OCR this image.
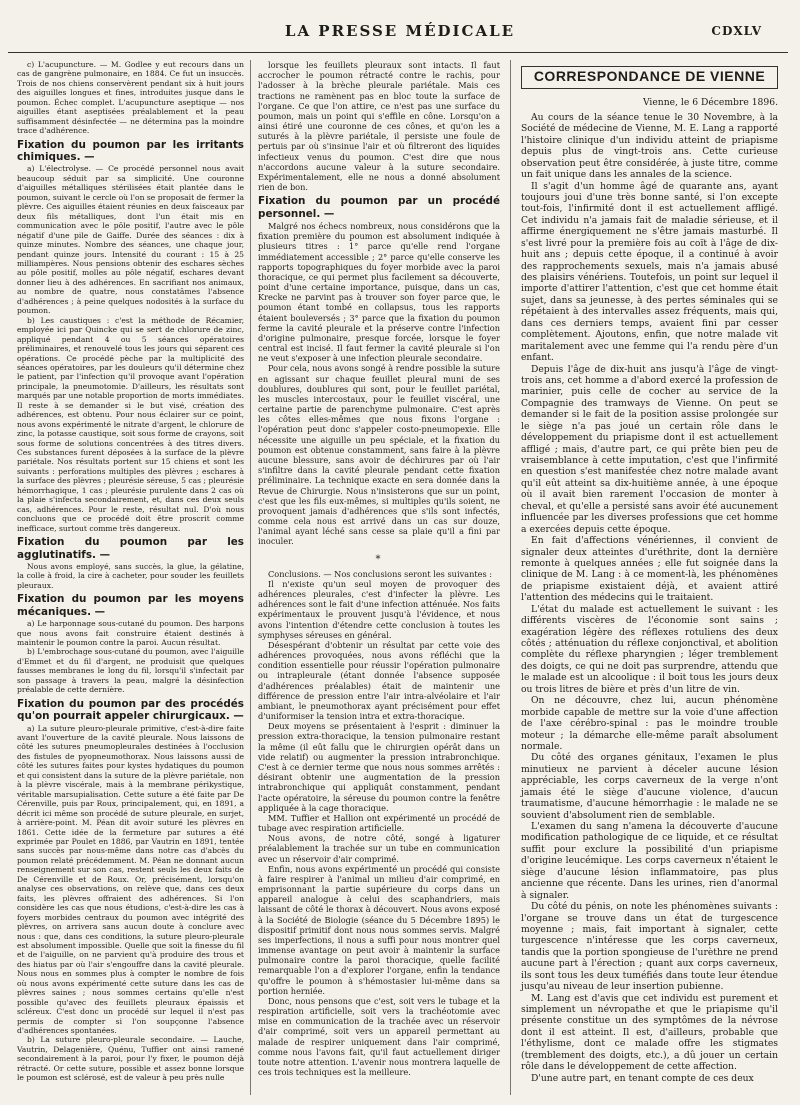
LA PRESSE MÉDICALE	CDXLV

c) L'acupuncture. — M. Godlee y eut recours dans un cas de gangrène pulmonaire, en 1884. Ce fut un insuccès. Trois de nos chiens conservèrent pendant six à huit jours des aiguilles longues et fines, introduites jusque dans le poumon. Échec complet. L'acupuncture aseptique — nos aiguilles étant aseptisées préalablement et la peau suffisamment désinfectée — ne détermina pas la moindre trace d'adhérence.

Fixation du poumon par les irritants chimiques. —

a) L'électrolyse. — Ce procédé personnel nous avait beaucoup séduit par sa simplicité. Une couronne d'aiguilles métalliques stérilisées était plantée dans le poumon, suivant le cercle où l'on se proposait de fermer la plèvre. Ces aiguilles étaient réunies en deux faisceaux par deux fils métalliques, dont l'un était mis en communication avec le pôle positif, l'autre avec le pôle négatif d'une pile de Gaiffe. Durée des séances : dix à quinze minutes. Nombre des séances, une chaque jour, pendant quinze jours. Intensité du courant : 15 à 25 milliampères. Nous pensions obtenir des eschares sèches au pôle positif, molles au pôle négatif, eschares devant donner lieu à des adhérences. En sacrifiant nos animaux, au nombre de quatre, nous constatâmes l'absence d'adhérences ; à peine quelques nodosités à la surface du poumon.

b) Les caustiques : c'est la méthode de Récamier, employée ici par Quincke qui se sert de chlorure de zinc, appliqué pendant 4 ou 5 séances opératoires préliminaires, et renouvelé tous les jours qui séparent ces opérations. Ce procédé pèche par la multiplicité des séances opératoires, par les douleurs qu'il détermine chez le patient, par l'infection qu'il provoque avant l'opération principale, la pneumotomie. D'ailleurs, les résultats sont marqués par une notable proportion de morts immédiates. Il reste à se demander si le but visé, création des adhérences, est obtenu. Pour nous éclairer sur ce point, nous avons expérimenté le nitrate d'argent, le chlorure de zinc, la potasse caustique, soit sous forme de crayons, soit sous forme de solutions concentrées à des titres divers. Ces substances furent déposées à la surface de la plèvre pariétale. Nos résultats portent sur 15 chiens et sont les suivants : perforations multiples des plèvres ; eschares à la surface des plèvres ; pleurésie séreuse, 5 cas ; pleurésie hémorrhagique, 1 cas ; pleurésie purulente dans 2 cas où la plaie s'infecta secondairement, et, dans ces deux seuls cas, adhérences. Pour le reste, résultat nul. D'où nous concluons que ce procédé doit être proscrit comme inefficace, surtout comme très dangereux.

Fixation du poumon par les agglutinatifs. —

Nous avons employé, sans succès, la glue, la gélatine, la colle à froid, la cire à cacheter, pour souder les feuillets pleuraux.

Fixation du poumon par les moyens mécaniques. —

a) Le harponnage sous-cutané du poumon. Des harpons que nous avons fait construire étaient destinés à maintenir le poumon contre la paroi. Aucun résultat.

b) L'embrochage sous-cutané du poumon, avec l'aiguille d'Emmet et du fil d'argent, ne produisit que quelques fausses membranes le long du fil, lorsqu'il s'infectait par son passage à travers la peau, malgré la désinfection préalable de cette dernière.

Fixation du poumon par des procédés qu'on pourrait appeler chirurgicaux. —

a) La suture pleuro-pleurale primitive, c'est-à-dire faite avant l'ouverture de la cavité pleurale. Nous laissons de côté les sutures pneumopleurales destinées à l'occlusion des fistules de pyopneumothorax. Nous laissons aussi de côté les sutures faites pour kystes hydatiques du poumon et qui consistent dans la suture de la plèvre pariétale, non à la plèvre viscérale, mais à la membrane périkystique, véritable marsupialisation. Cette suture a été faite par De Cérenville, puis par Roux, principalement, qui, en 1891, a décrit ici même son procédé de suture pleurale, en surjet, à arrière-point. M. Péan dit avoir suturé les plèvres en 1861. Cette idée de la fermeture par sutures a été exprimée par Poulet en 1886, par Vautrin en 1891, tentée sans succès par nous-même dans notre cas d'abcès du poumon relaté précédemment. M. Péan ne donnant aucun renseignement sur son cas, restent seuls les deux faits de De Cérenville et de Roux. Or, précisément, lorsqu'on analyse ces observations, on relève que, dans ces deux faits, les plèvres offraient des adhérences. Si l'on considère les cas que nous étudions, c'est-à-dire les cas à foyers morbides centraux du poumon avec intégrité des plèvres, on arrivera sans aucun doute à conclure avec nous : que, dans ces conditions, la suture pleuro-pleurale est absolument impossible. Quelle que soit la finesse du fil et de l'aiguille, on ne parvient qu'à produire des trous et des hiatus par où l'air s'engouffre dans la cavité pleurale. Nous nous en sommes plus à compter le nombre de fois où nous avons expérimenté cette suture dans les cas de plèvres saines ; nous sommes certains qu'elle n'est possible qu'avec des feuillets pleuraux épaissis et scléreux. C'est donc un procédé sur lequel il n'est pas permis de compter si l'on soupçonne l'absence d'adhérences spontanées.

b) La suture pleuro-pleurale secondaire. — Lauche, Vautrin, Delagenière, Quénu, Tuffier ont ainsi ramené secondairement à la paroi, pour l'y fixer, le poumon déjà rétracté. Or cette suture, possible et assez bonne lorsque le poumon est sclérosé, est de valeur à peu près nulle

lorsque les feuillets pleuraux sont intacts. Il faut accrocher le poumon rétracté contre le rachis, pour l'adosser à la brèche pleurale pariétale. Mais ces tractions ne ramènent pas en bloc toute la surface de l'organe. Ce que l'on attire, ce n'est pas une surface du poumon, mais un point qui s'effile en cône. Lorsqu'on a ainsi étiré une couronne de ces cônes, et qu'on les a suturés à la plèvre pariétale, il persiste une foule de pertuis par où s'insinue l'air et où filtreront des liquides infectieux venus du poumon. C'est dire que nous n'accordons aucune valeur à la suture secondaire. Expérimentalement, elle ne nous a donné absolument rien de bon.

Fixation du poumon par un procédé personnel. —

Malgré nos échecs nombreux, nous considérons que la fixation première du poumon est absolument indiquée à plusieurs titres : 1° parce qu'elle rend l'organe immédiatement accessible ; 2° parce qu'elle conserve les rapports topographiques du foyer morbide avec la paroi thoracique, ce qui permet plus facilement sa découverte, point d'une certaine importance, puisque, dans un cas, Krecke ne parvint pas à trouver son foyer parce que, le poumon étant tombé en collapsus, tous les rapports étaient bouleversés ; 3° parce que la fixation du poumon ferme la cavité pleurale et la préserve contre l'infection d'origine pulmonaire, presque forcée, lorsque le foyer central est incisé. Il faut fermer la cavité pleurale si l'on ne veut s'exposer à une infection pleurale secondaire.

Pour cela, nous avons songé à rendre possible la suture en agissant sur chaque feuillet pleural muni de ses doublures, doublures qui sont, pour le feuillet pariétal, les muscles intercostaux, pour le feuillet viscéral, une certaine partie de parenchyme pulmonaire. C'est après les côtes elles-mêmes que nous fixons l'organe : l'opération peut donc s'appeler costo-pneumopexie. Elle nécessite une aiguille un peu spéciale, et la fixation du poumon est obtenue constamment, sans faire à la plèvre aucune blessure, sans avoir de déchirures par où l'air s'infiltre dans la cavité pleurale pendant cette fixation préliminaire. La technique exacte en sera donnée dans la Revue de Chirurgie. Nous n'insisterons que sur un point, c'est que les fils eux-mêmes, si multiples qu'ils soient, ne provoquent jamais d'adhérences que s'ils sont infectés, comme cela nous est arrivé dans un cas sur douze, l'animal ayant léché sans cesse sa plaie qu'il a fini par inoculer.

*

Conclusions. — Nos conclusions seront les suivantes :

Il n'existe qu'un seul moyen de provoquer des adhérences pleurales, c'est d'infecter la plèvre. Les adhérences sont le fait d'une infection atténuée. Nos faits expérimentaux le prouvent jusqu'à l'évidence, et nous avons l'intention d'étendre cette conclusion à toutes les symphyses séreuses en général.

Désespérant d'obtenir un résultat par cette voie des adhérences provoquées, nous avons réfléchi que la condition essentielle pour réussir l'opération pulmonaire ou intrapleurale (étant donnée l'absence supposée d'adhérences préalables) était de maintenir une différence de pression entre l'air intra-alvéolaire et l'air ambiant, le pneumothorax ayant précisément pour effet d'uniformiser la tension intra et extra-thoracique.

Deux moyens se présentaient à l'esprit : diminuer la pression extra-thoracique, la tension pulmonaire restant la même (il eût fallu que le chirurgien opérât dans un vide relatif) ou augmenter la pression intrabronchique. C'est à ce dernier terme que nous nous sommes arrêtés : désirant obtenir une augmentation de la pression intrabronchique qui appliquât constamment, pendant l'acte opératoire, la séreuse du poumon contre la fenêtre appliquée à la cage thoracique.

MM. Tuffier et Hallion ont expérimenté un procédé de tubage avec respiration artificielle.

Nous avons, de notre côté, songé à ligaturer préalablement la trachée sur un tube en communication avec un réservoir d'air comprimé.

Enfin, nous avons expérimenté un procédé qui consiste à faire respirer à l'animal un milieu d'air comprimé, en emprisonnant la partie supérieure du corps dans un appareil analogue à celui des scaphandriers, mais laissant de côté le thorax à découvert. Nous avons exposé à la Société de Biologie (séance du 5 Décembre 1895) le dispositif primitif dont nous nous sommes servis. Malgré ses imperfections, il nous a suffi pour nous montrer quel immense avantage on peut avoir à maintenir la surface pulmonaire contre la paroi thoracique, quelle facilité remarquable l'on a d'explorer l'organe, enfin la tendance qu'offre le poumon à s'hémostasier lui-même dans sa portion herniée.

Donc, nous pensons que c'est, soit vers le tubage et la respiration artificielle, soit vers la trachéotomie avec mise en communication de la trachée avec un réservoir d'air comprimé, soit vers un appareil permettant au malade de respirer uniquement dans l'air comprimé, comme nous l'avons fait, qu'il faut actuellement diriger toute notre attention. L'avenir nous montrera laquelle de ces trois techniques est la meilleure.

CORRESPONDANCE DE VIENNE

Vienne, le 6 Décembre 1896.

Au cours de la séance tenue le 30 Novembre, à la Société de médecine de Vienne, M. E. Lang a rapporté l'histoire clinique d'un individu atteint de priapisme depuis plus de vingt-trois ans. Cette curieuse observation peut être considérée, à juste titre, comme un fait unique dans les annales de la science.

Il s'agit d'un homme âgé de quarante ans, ayant toujours joui d'une très bonne santé, si l'on excepte tout-fois, l'infirmité dont il est actuellement affligé. Cet individu n'a jamais fait de maladie sérieuse, et il affirme énergiquement ne s'être jamais masturbé. Il s'est livré pour la première fois au coït à l'âge de dix-huit ans ; depuis cette époque, il a continué à avoir des rapprochements sexuels, mais n'a jamais abusé des plaisirs vénériens. Toutefois, un point sur lequel il importe d'attirer l'attention, c'est que cet homme était sujet, dans sa jeunesse, à des pertes séminales qui se répétaient à des intervalles assez fréquents, mais qui, dans ces derniers temps, avaient fini par cesser complètement. Ajoutons, enfin, que notre malade vit maritalement avec une femme qui l'a rendu père d'un enfant.

Depuis l'âge de dix-huit ans jusqu'à l'âge de vingt-trois ans, cet homme a d'abord exercé la profession de marinier, puis celle de cocher au service de la Compagnie des tramways de Vienne. On peut se demander si le fait de la position assise prolongée sur le siège n'a pas joué un certain rôle dans le développement du priapisme dont il est actuellement affligé ; mais, d'autre part, ce qui prête bien peu de vraisemblance à cette imputation, c'est que l'infirmité en question s'est manifestée chez notre malade avant qu'il eût atteint sa dix-huitième année, à une époque où il avait bien rarement l'occasion de monter à cheval, et qu'elle a persisté sans avoir été aucunement influencée par les diverses professions que cet homme a exercées depuis cette époque.

En fait d'affections vénériennes, il convient de signaler deux atteintes d'uréthrite, dont la dernière remonte à quelques années ; elle fut soignée dans la clinique de M. Lang : à ce moment-là, les phénomènes de priapisme existaient déjà, et avaient attiré l'attention des médecins qui le traitaient.

L'état du malade est actuellement le suivant : les différents viscères de l'économie sont sains ; exagération légère des réflexes rotuliens des deux côtés ; atténuation du réflexe conjonctival, et abolition complète du réflexe pharyngien ; léger tremblement des doigts, ce qui ne doit pas surprendre, attendu que le malade est un alcoolique : il boit tous les jours deux ou trois litres de bière et près d'un litre de vin.

On ne découvre, chez lui, aucun phénomène morbide capable de mettre sur la voie d'une affection de l'axe cérébro-spinal : pas le moindre trouble moteur ; la démarche elle-même paraît absolument normale.

Du côté des organes génitaux, l'examen le plus minutieux ne parvient à déceler aucune lésion appréciable, les corps caverneux de la verge n'ont jamais été le siège d'aucune violence, d'aucun traumatisme, d'aucune hémorrhagie : le malade ne se souvient d'absolument rien de semblable.

L'examen du sang n'amena la découverte d'aucune modification pathologique de ce liquide, et ce résultat suffit pour exclure la possibilité d'un priapisme d'origine leucémique. Les corps caverneux n'étaient le siège d'aucune lésion inflammatoire, pas plus ancienne que récente. Dans les urines, rien d'anormal à signaler.

Du côté du pénis, on note les phénomènes suivants : l'organe se trouve dans un état de turgescence moyenne ; mais, fait important à signaler, cette turgescence n'intéresse que les corps caverneux, tandis que la portion spongieuse de l'urèthre ne prend aucune part à l'érection ; quant aux corps caverneux, ils sont tous les deux tuméfiés dans toute leur étendue jusqu'au niveau de leur insertion pubienne.

M. Lang est d'avis que cet individu est purement et simplement un névropathe et que le priapisme qu'il présente constitue un des symptômes de la névrose dont il est atteint. Il est, d'ailleurs, probable que l'éthylisme, dont ce malade offre les stigmates (tremblement des doigts, etc.), a dû jouer un certain rôle dans le développement de cette affection.

D'une autre part, en tenant compte de ces deux
